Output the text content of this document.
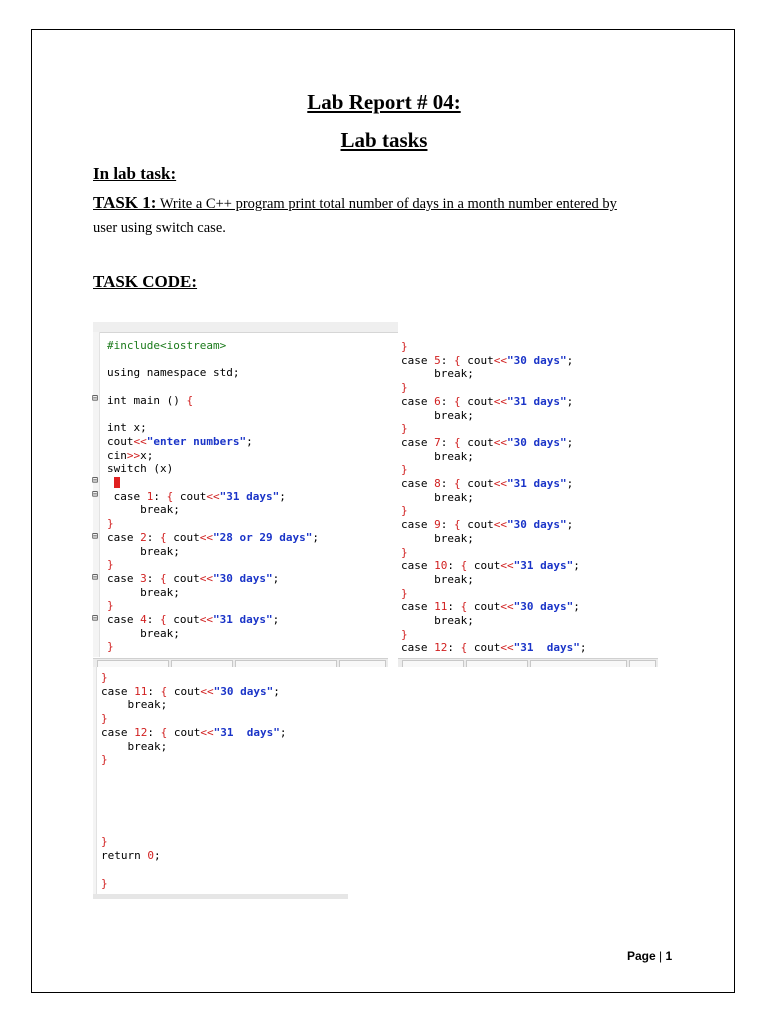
Lab Report # 04:
Lab tasks
In lab task:
TASK 1: Write a C++ program print total number of days in a month number entered by
user using switch case.
TASK CODE:
⊟
⊟
⊟
⊟
⊟
⊟
#include<iostream>

using namespace std;

int main () {

int x;
cout<<"enter numbers";
cin>>x;
switch (x)

case 1: { cout<<"31 days";
break;
}
case 2: { cout<<"28 or 29 days";
break;
}
case 3: { cout<<"30 days";
break;
}
case 4: { cout<<"31 days";
break;
}
}
case 5: { cout<<"30 days";
break;
}
case 6: { cout<<"31 days";
break;
}
case 7: { cout<<"30 days";
break;
}
case 8: { cout<<"31 days";
break;
}
case 9: { cout<<"30 days";
break;
}
case 10: { cout<<"31 days";
break;
}
case 11: { cout<<"30 days";
break;
}
case 12: { cout<<"31  days";
}
case 11: { cout<<"30 days";
break;
}
case 12: { cout<<"31  days";
break;
}

}
return 0;

}
Page | 1
